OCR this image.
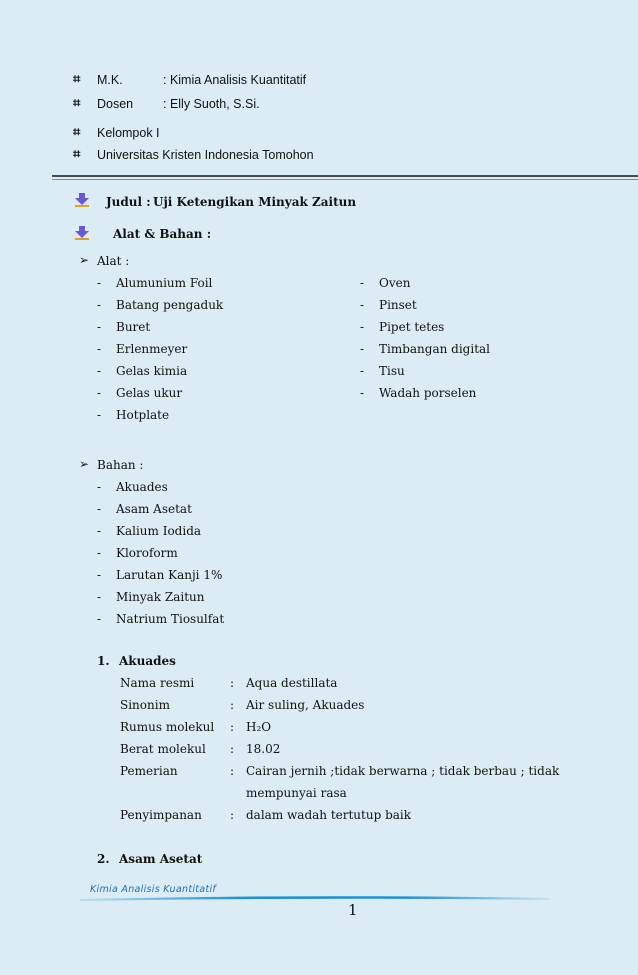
⌗ M.K.	: Kimia Analisis Kuantitatif
⌗ Dosen : Elly Suoth, S.Si.
⌗ Kelompok I
⌗ Universitas Kristen Indonesia Tomohon
Judul : Uji Ketengikan Minyak Zaitun
Alat & Bahan :
➢ Alat :
- Alumunium Foil
- Batang pengaduk
- Buret
- Erlenmeyer
- Gelas kimia
- Gelas ukur
- Hotplate
- Oven
- Pinset
- Pipet tetes
- Timbangan digital
- Tisu
- Wadah porselen
➢ Bahan :
- Akuades
- Asam Asetat
- Kalium Iodida
- Kloroform
- Larutan Kanji 1%
- Minyak Zaitun
- Natrium Tiosulfat
1. Akuades
Nama resmi	: Aqua destillata
Sinonim	: Air suling, Akuades
Rumus molekul : H₂O
Berat molekul : 18.02
Pemerian	: Cairan jernih ;tidak berwarna ; tidak berbau ; tidak
mempunyai rasa
Penyimpanan : dalam wadah tertutup baik
2. Asam Asetat
Kimia Analisis Kuantitatif
1
